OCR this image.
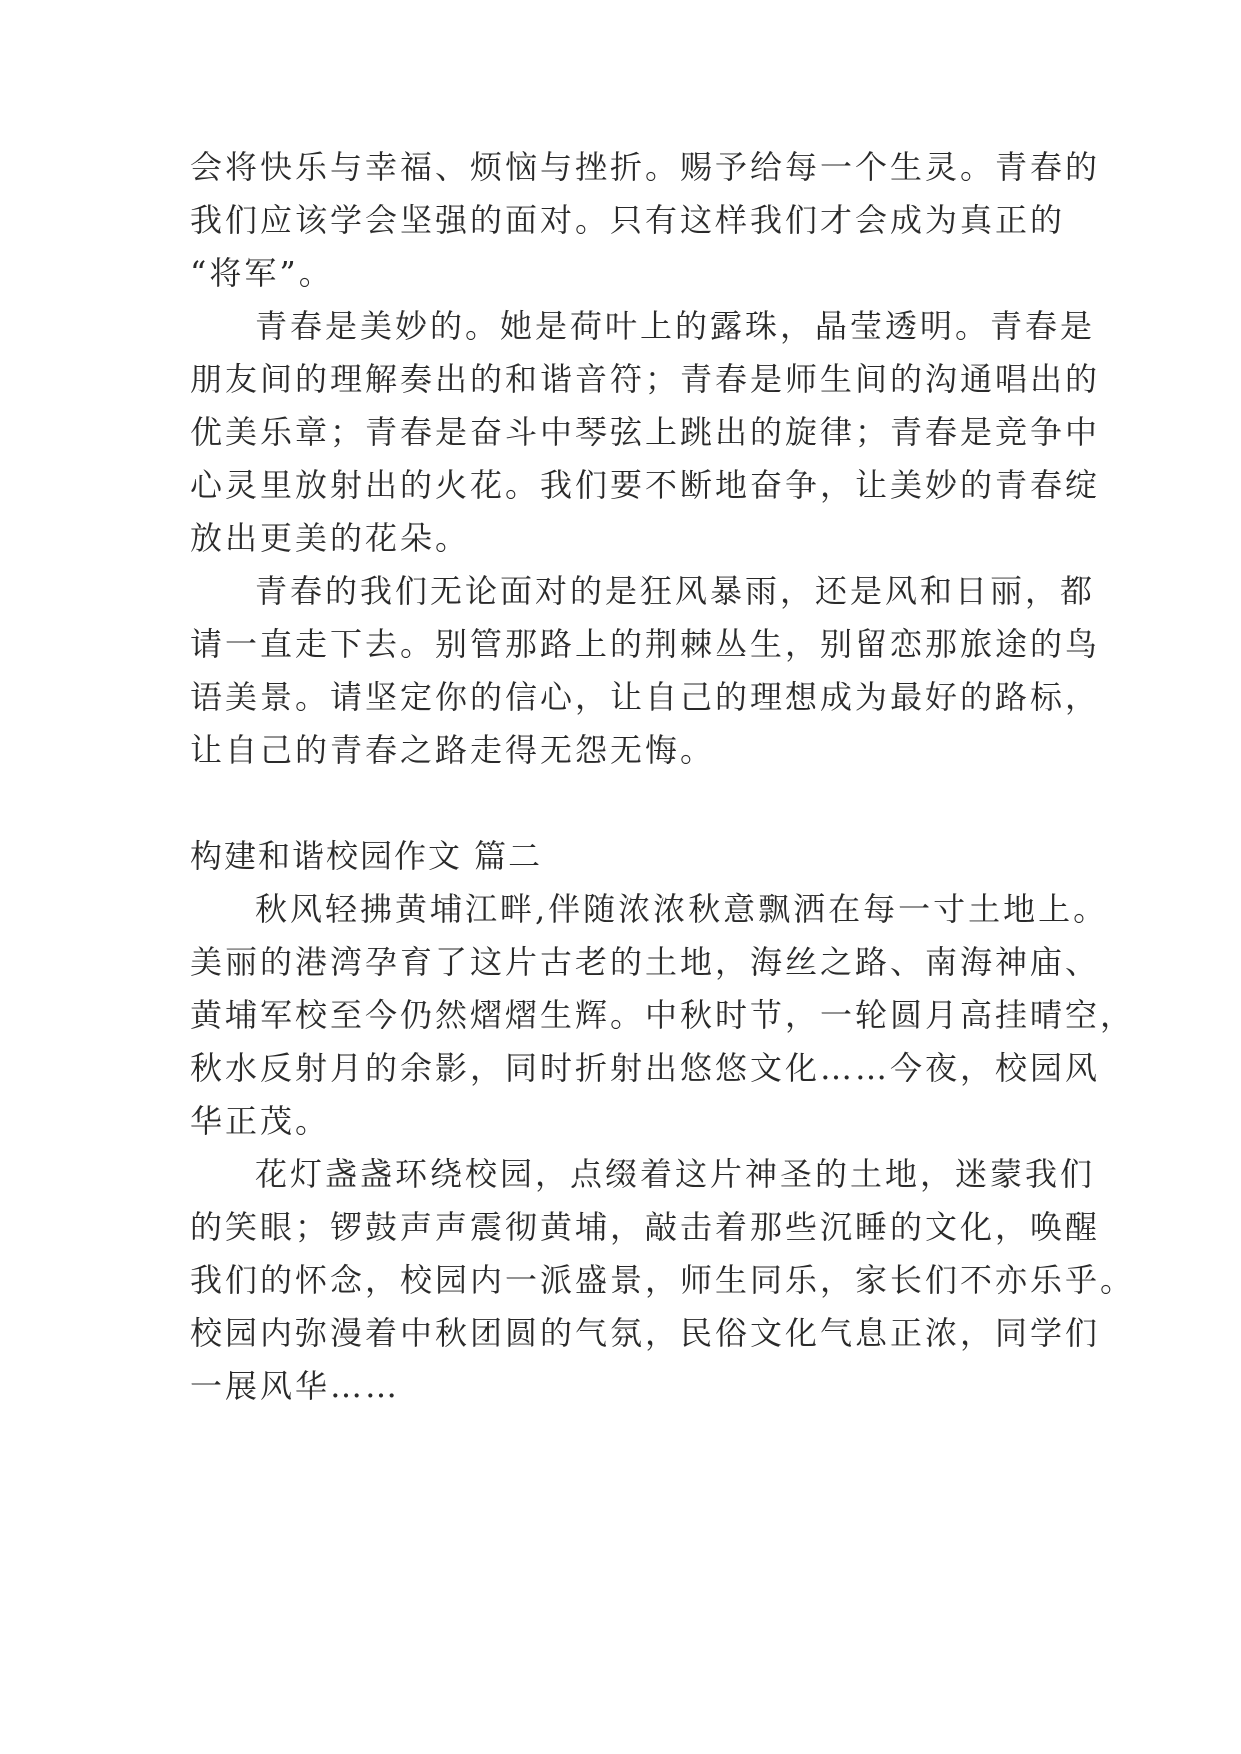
会将快乐与幸福、烦恼与挫折。赐予给每一个生灵。青春的
我们应该学会坚强的面对。只有这样我们才会成为真正的
“将军”。
青春是美妙的。她是荷叶上的露珠，晶莹透明。青春是
朋友间的理解奏出的和谐音符；青春是师生间的沟通唱出的
优美乐章；青春是奋斗中琴弦上跳出的旋律；青春是竞争中
心灵里放射出的火花。我们要不断地奋争，让美妙的青春绽
放出更美的花朵。
青春的我们无论面对的是狂风暴雨，还是风和日丽，都
请一直走下去。别管那路上的荆棘丛生，别留恋那旅途的鸟
语美景。请坚定你的信心，让自己的理想成为最好的路标，
让自己的青春之路走得无怨无悔。
构建和谐校园作文 篇二
秋风轻拂黄埔江畔,伴随浓浓秋意飘洒在每一寸土地上。
美丽的港湾孕育了这片古老的土地，海丝之路、南海神庙、
黄埔军校至今仍然熠熠生辉。中秋时节，一轮圆月高挂晴空，
秋水反射月的余影，同时折射出悠悠文化……今夜，校园风
华正茂。
花灯盏盏环绕校园，点缀着这片神圣的土地，迷蒙我们
的笑眼；锣鼓声声震彻黄埔，敲击着那些沉睡的文化，唤醒
我们的怀念，校园内一派盛景，师生同乐，家长们不亦乐乎。
校园内弥漫着中秋团圆的气氛，民俗文化气息正浓，同学们
一展风华……
